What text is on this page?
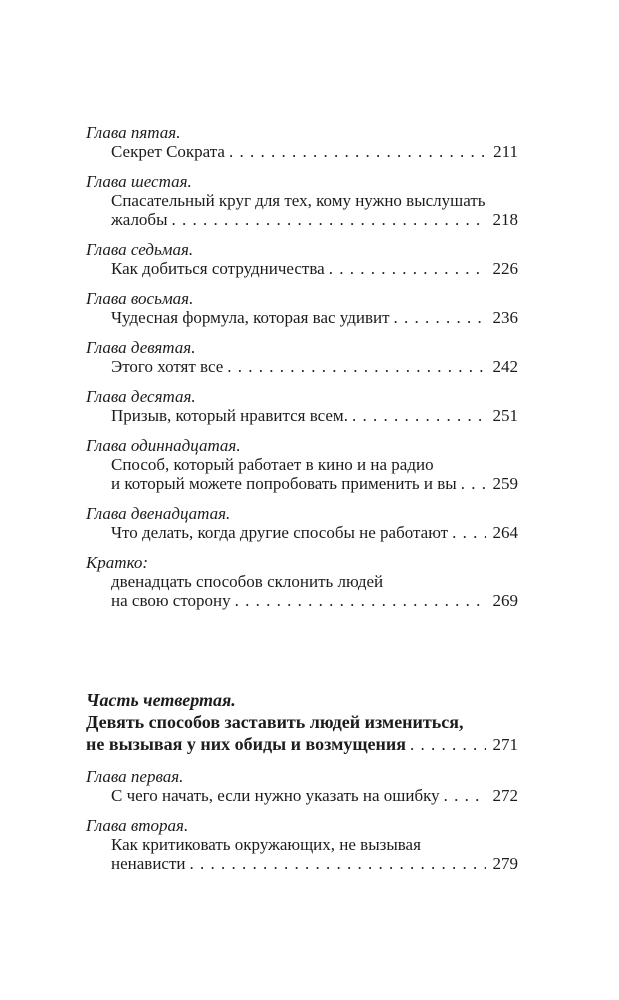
Глава пятая.
Секрет Сократа . . .	211
Глава шестая.
Спасательный круг для тех, кому нужно выслушать
жалобы . . .	218
Глава седьмая.
Как добиться сотрудничества . . .	226
Глава восьмая.
Чудесная формула, которая вас удивит . . .	236
Глава девятая.
Этого хотят все . . .	242
Глава десятая.
Призыв, который нравится всем. . . .	251
Глава одиннадцатая.
Способ, который работает в кино и на радио
и который можете попробовать применить и вы . . .	259
Глава двенадцатая.
Что делать, когда другие способы не работают . . .	264
Кратко:
двенадцать способов склонить людей
на свою сторону . . .	269
Часть четвертая.
Девять способов заставить людей измениться,
не вызывая у них обиды и возмущения . . .	271
Глава первая.
С чего начать, если нужно указать на ошибку . . .	272
Глава вторая.
Как критиковать окружающих, не вызывая
ненависти . . .	279
